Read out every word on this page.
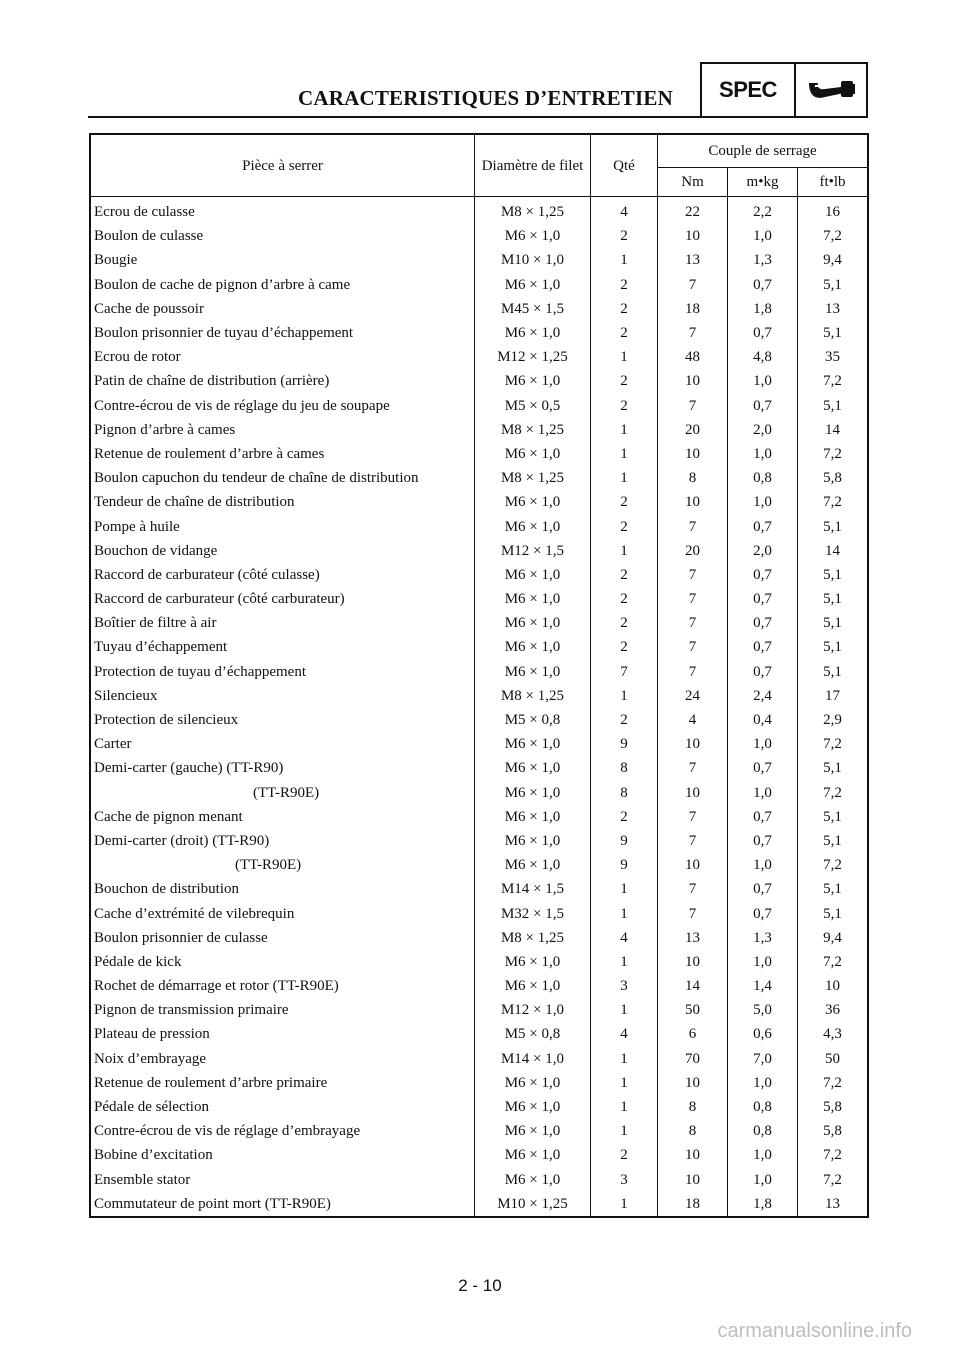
CARACTERISTIQUES D’ENTRETIEN	SPEC
Pièce à serrer	Diamètre de filet	Qté	Couple de serrage		
			Nm	m•kg	ft•lb
Ecrou de culasse	M8 × 1,25	4	22	2,2	16
Boulon de culasse	M6 × 1,0	2	10	1,0	7,2
Bougie	M10 × 1,0	1	13	1,3	9,4
Boulon de cache de pignon d’arbre à came	M6 × 1,0	2	7	0,7	5,1
Cache de poussoir	M45 × 1,5	2	18	1,8	13
Boulon prisonnier de tuyau d’échappement	M6 × 1,0	2	7	0,7	5,1
Ecrou de rotor	M12 × 1,25	1	48	4,8	35
Patin de chaîne de distribution (arrière)	M6 × 1,0	2	10	1,0	7,2
Contre-écrou de vis de réglage du jeu de soupape	M5 × 0,5	2	7	0,7	5,1
Pignon d’arbre à cames	M8 × 1,25	1	20	2,0	14
Retenue de roulement d’arbre à cames	M6 × 1,0	1	10	1,0	7,2
Boulon capuchon du tendeur de chaîne de distribution	M8 × 1,25	1	8	0,8	5,8
Tendeur de chaîne de distribution	M6 × 1,0	2	10	1,0	7,2
Pompe à huile	M6 × 1,0	2	7	0,7	5,1
Bouchon de vidange	M12 × 1,5	1	20	2,0	14
Raccord de carburateur (côté culasse)	M6 × 1,0	2	7	0,7	5,1
Raccord de carburateur (côté carburateur)	M6 × 1,0	2	7	0,7	5,1
Boîtier de filtre à air	M6 × 1,0	2	7	0,7	5,1
Tuyau d’échappement	M6 × 1,0	2	7	0,7	5,1
Protection de tuyau d’échappement	M6 × 1,0	7	7	0,7	5,1
Silencieux	M8 × 1,25	1	24	2,4	17
Protection de silencieux	M5 × 0,8	2	4	0,4	2,9
Carter	M6 × 1,0	9	10	1,0	7,2
Demi-carter (gauche) (TT-R90)	M6 × 1,0	8	7	0,7	5,1
(TT-R90E)	M6 × 1,0	8	10	1,0	7,2
Cache de pignon menant	M6 × 1,0	2	7	0,7	5,1
Demi-carter (droit) (TT-R90)	M6 × 1,0	9	7	0,7	5,1
(TT-R90E)	M6 × 1,0	9	10	1,0	7,2
Bouchon de distribution	M14 × 1,5	1	7	0,7	5,1
Cache d’extrémité de vilebrequin	M32 × 1,5	1	7	0,7	5,1
Boulon prisonnier de culasse	M8 × 1,25	4	13	1,3	9,4
Pédale de kick	M6 × 1,0	1	10	1,0	7,2
Rochet de démarrage et rotor (TT-R90E)	M6 × 1,0	3	14	1,4	10
Pignon de transmission primaire	M12 × 1,0	1	50	5,0	36
Plateau de pression	M5 × 0,8	4	6	0,6	4,3
Noix d’embrayage	M14 × 1,0	1	70	7,0	50
Retenue de roulement d’arbre primaire	M6 × 1,0	1	10	1,0	7,2
Pédale de sélection	M6 × 1,0	1	8	0,8	5,8
Contre-écrou de vis de réglage d’embrayage	M6 × 1,0	1	8	0,8	5,8
Bobine d’excitation	M6 × 1,0	2	10	1,0	7,2
Ensemble stator	M6 × 1,0	3	10	1,0	7,2
Commutateur de point mort (TT-R90E)	M10 × 1,25	1	18	1,8	13
2 - 10
carmanualsonline.info
